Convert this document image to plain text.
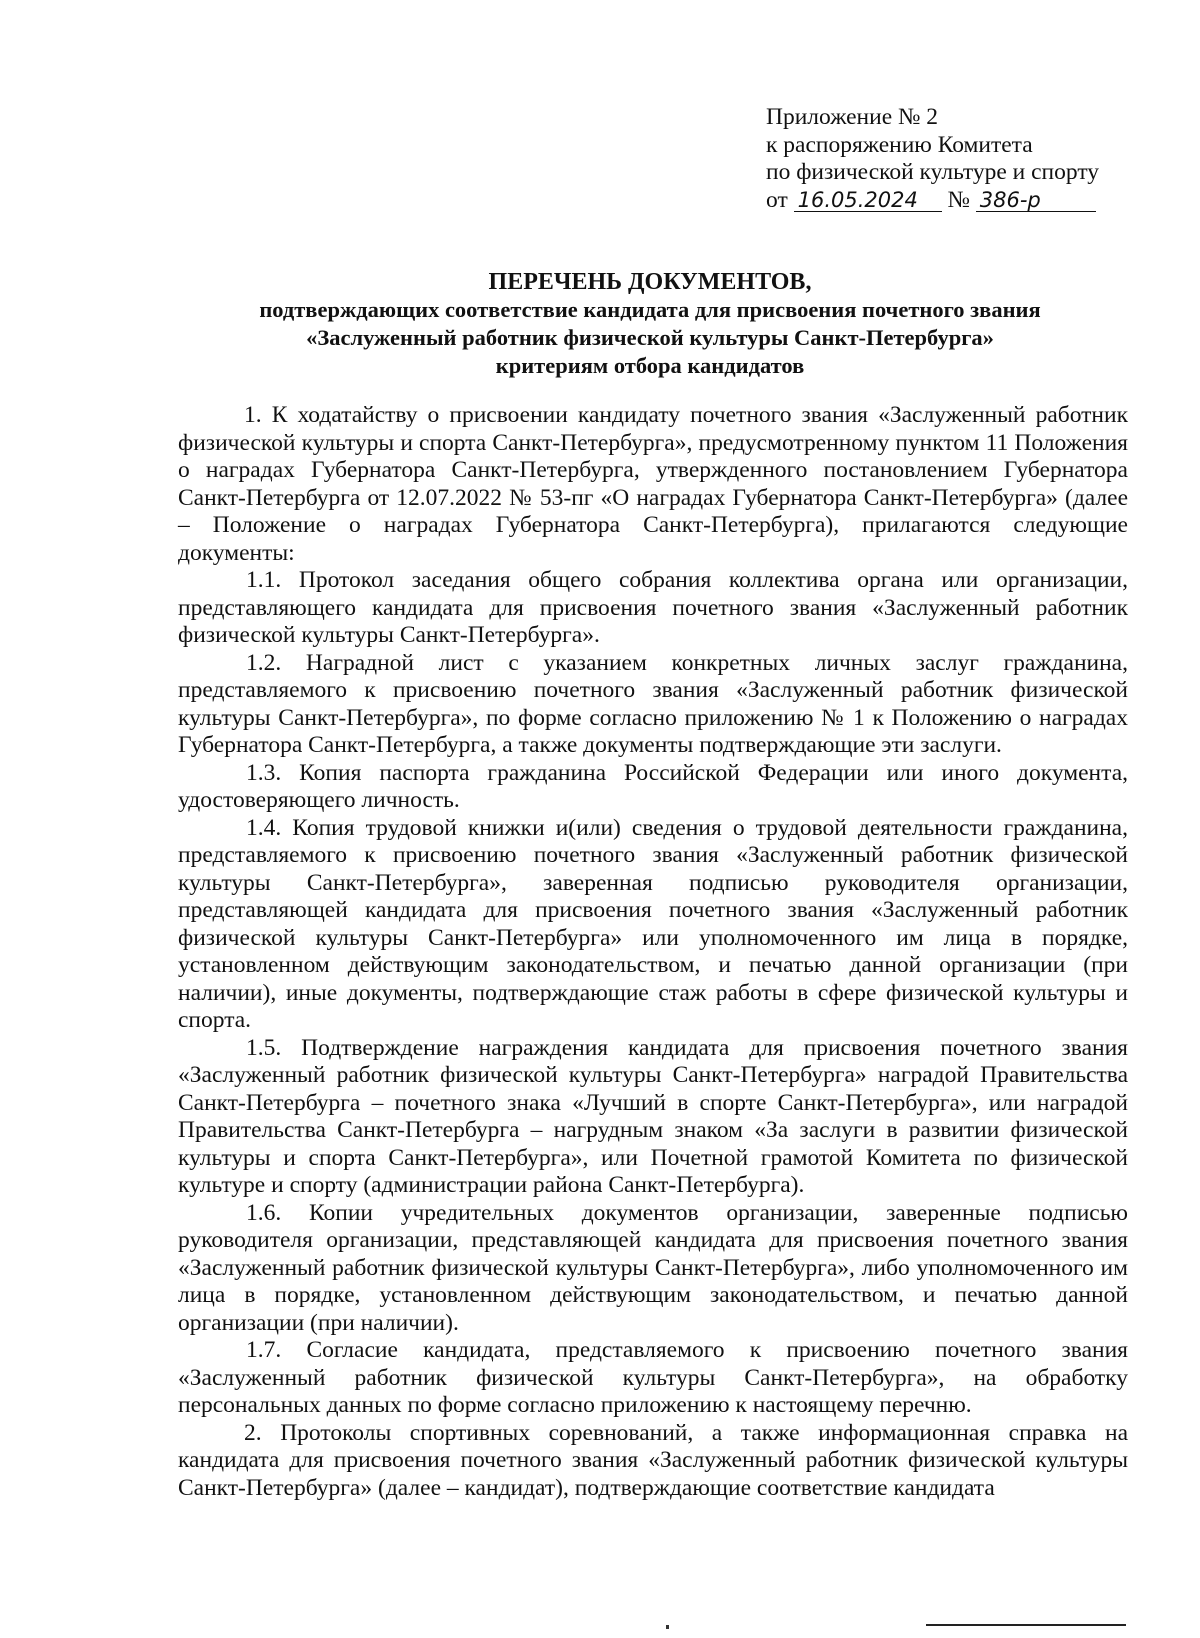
Приложение № 2
к распоряжению Комитета
по физической культуре и спорту
от 16.05.2024 № 386-р
ПЕРЕЧЕНЬ ДОКУМЕНТОВ,
подтверждающих соответствие кандидата для присвоения почетного звания
«Заслуженный работник физической культуры Санкт-Петербурга»
критериям отбора кандидатов

1. К ходатайству о присвоении кандидату почетного звания «Заслуженный работник физической культуры и спорта Санкт-Петербурга», предусмотренному пунктом 11 Положения о наградах Губернатора Санкт-Петербурга, утвержденного постановлением Губернатора Санкт-Петербурга от 12.07.2022 № 53-пг «О наградах Губернатора Санкт-Петербурга» (далее – Положение о наградах Губернатора Санкт-Петербурга), прилагаются следующие документы:

1.1. Протокол заседания общего собрания коллектива органа или организации, представляющего кандидата для присвоения почетного звания «Заслуженный работник физической культуры Санкт-Петербурга».

1.2. Наградной лист с указанием конкретных личных заслуг гражданина, представляемого к присвоению почетного звания «Заслуженный работник физической культуры Санкт-Петербурга», по форме согласно приложению № 1 к Положению о наградах Губернатора Санкт-Петербурга, а также документы подтверждающие эти заслуги.

1.3. Копия паспорта гражданина Российской Федерации или иного документа, удостоверяющего личность.

1.4. Копия трудовой книжки и(или) сведения о трудовой деятельности гражданина, представляемого к присвоению почетного звания «Заслуженный работник физической культуры Санкт-Петербурга», заверенная подписью руководителя организации, представляющей кандидата для присвоения почетного звания «Заслуженный работник физической культуры Санкт-Петербурга» или уполномоченного им лица в порядке, установленном действующим законодательством, и печатью данной организации (при наличии), иные документы, подтверждающие стаж работы в сфере физической культуры и спорта.

1.5. Подтверждение награждения кандидата для присвоения почетного звания «Заслуженный работник физической культуры Санкт-Петербурга» наградой Правительства Санкт-Петербурга – почетного знака «Лучший в спорте Санкт-Петербурга», или наградой Правительства Санкт-Петербурга – нагрудным знаком «За заслуги в развитии физической культуры и спорта Санкт-Петербурга», или Почетной грамотой Комитета по физической культуре и спорту (администрации района Санкт-Петербурга).

1.6. Копии учредительных документов организации, заверенные подписью руководителя организации, представляющей кандидата для присвоения почетного звания «Заслуженный работник физической культуры Санкт-Петербурга», либо уполномоченного им лица в порядке, установленном действующим законодательством, и печатью данной организации (при наличии).

1.7. Согласие кандидата, представляемого к присвоению почетного звания «Заслуженный работник физической культуры Санкт-Петербурга», на обработку персональных данных по форме согласно приложению к настоящему перечню.

2. Протоколы спортивных соревнований, а также информационная справка на кандидата для присвоения почетного звания «Заслуженный работник физической культуры Санкт-Петербурга» (далее – кандидат), подтверждающие соответствие кандидата
